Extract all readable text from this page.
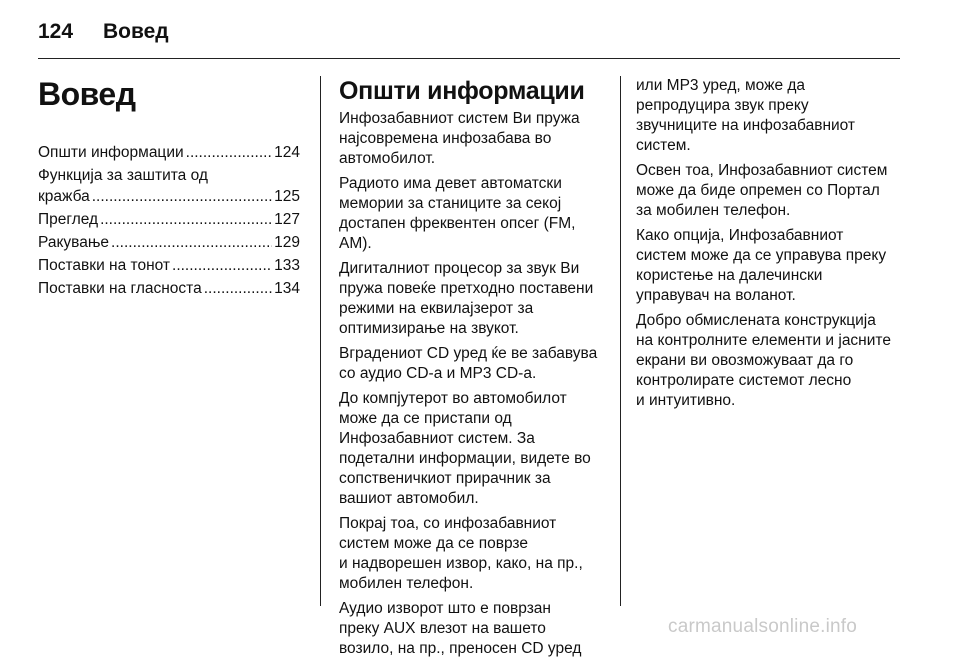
124 Вовед
Вовед
Општи информации .....	124
Функција за заштита од
кражба .....	125
Преглед .....	127
Ракување .....	129
Поставки на тонот .....	133
Поставки на гласноста .....	134
Општи информации

Инфозабавниот систем Ви пружа
најсовремена инфозабава во
автомобилот.

Радиото има девет автоматски
мемории за станиците за секој
достапен фреквентен опсег (FM,
AM).

Дигиталниот процесор за звук Ви
пружа повеќе претходно поставени
режими на еквилајзерот за
оптимизирање на звукот.

Вградениот CD уред ќе ве забавува
со аудио CD-а и MP3 CD-а.

До компјутерот во автомобилот
може да се пристапи од
Инфозабавниот систем. За
подетални информации, видете во
сопственичкиот прирачник за
вашиот автомобил.

Покрај тоа, со инфозабавниот
систем може да се поврзе
и надворешен извор, како, на пр.,
мобилен телефон.

Аудио изворот што е поврзан
преку AUX влезот на вашето
возило, на пр., преносен CD уред

или MP3 уред, може да
репродуцира звук преку
звучниците на инфозабавниот
систем.

Освен тоа, Инфозабавниот систем
може да биде опремен со Портал
за мобилен телефон.

Како опција, Инфозабавниот
систем може да се управува преку
користење на далечински
управувач на воланот.

Добро обмислената конструкција
на контролните елементи и јасните
екрани ви овозможуваат да го
контролирате системот лесно
и интуитивно.

carmanualsonline.info
